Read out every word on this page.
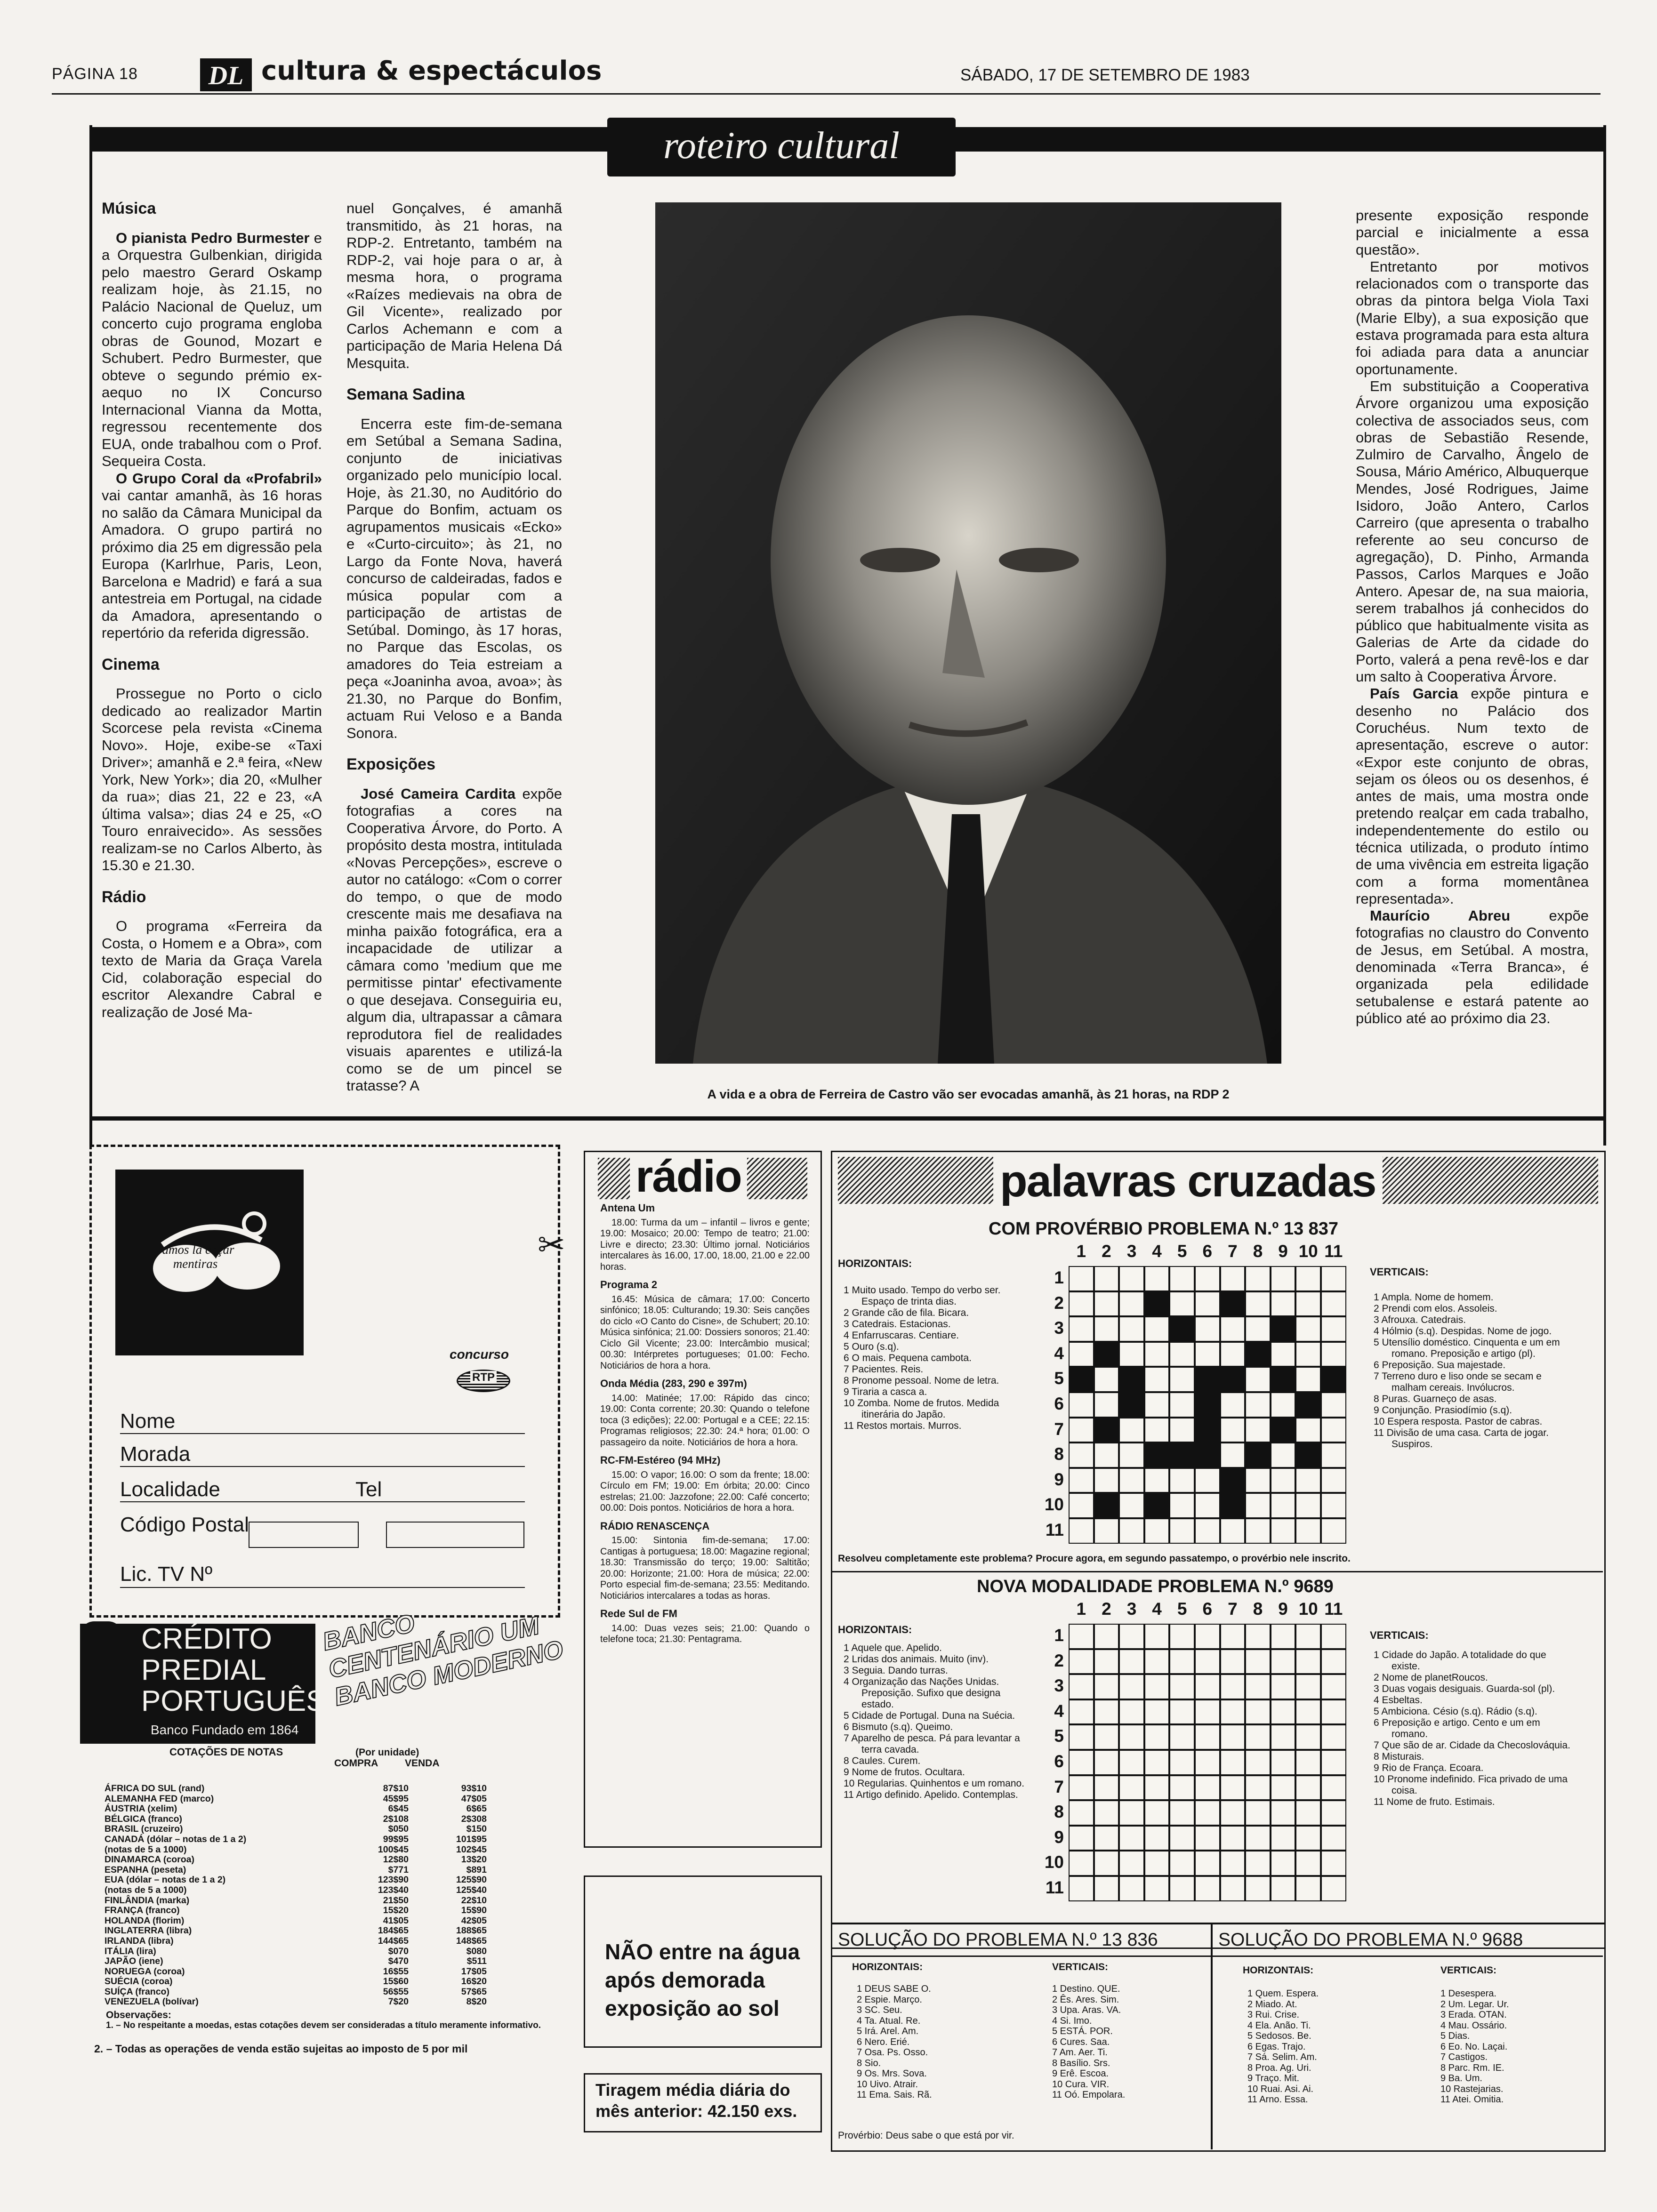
PÁGINA 18	DL cultura & espectáculos	SÁBADO, 17 DE SETEMBRO DE 1983
roteiro cultural
Música

O pianista Pedro Burmester e a Orquestra Gulbenkian, dirigida pelo maestro Gerard Oskamp realizam hoje, às 21.15, no Palácio Nacional de Queluz, um concerto cujo programa engloba obras de Gounod, Mozart e Schubert. Pedro Burmester, que obteve o segundo prémio ex-aequo no IX Concurso Internacional Vianna da Motta, regressou recentemente dos EUA, onde trabalhou com o Prof. Sequeira Costa.

O Grupo Coral da «Profabril» vai cantar amanhã, às 16 horas no salão da Câmara Municipal da Amadora. O grupo partirá no próximo dia 25 em digressão pela Europa (Karlrhue, Paris, Leon, Barcelona e Madrid) e fará a sua antestreia em Portugal, na cidade da Amadora, apresentando o repertório da referida digressão.

Cinema

Prossegue no Porto o ciclo dedicado ao realizador Martin Scorcese pela revista «Cinema Novo». Hoje, exibe-se «Taxi Driver»; amanhã e 2.ª feira, «New York, New York»; dia 20, «Mulher da rua»; dias 21, 22 e 23, «A última valsa»; dias 24 e 25, «O Touro enraivecido». As sessões realizam-se no Carlos Alberto, às 15.30 e 21.30.

Rádio

O programa «Ferreira da Costa, o Homem e a Obra», com texto de Maria da Graça Varela Cid, colaboração especial do escritor Alexandre Cabral e realização de José Ma-

nuel Gonçalves, é amanhã transmitido, às 21 horas, na RDP-2. Entretanto, também na RDP-2, vai hoje para o ar, à mesma hora, o programa «Raízes medievais na obra de Gil Vicente», realizado por Carlos Achemann e com a participação de Maria Helena Dá Mesquita.

Semana Sadina

Encerra este fim-de-semana em Setúbal a Semana Sadina, conjunto de iniciativas organizado pelo município local. Hoje, às 21.30, no Auditório do Parque do Bonfim, actuam os agrupamentos musicais «Ecko» e «Curto-circuito»; às 21, no Largo da Fonte Nova, haverá concurso de caldeiradas, fados e música popular com a participação de artistas de Setúbal. Domingo, às 17 horas, no Parque das Escolas, os amadores do Teia estreiam a peça «Joaninha avoa, avoa»; às 21.30, no Parque do Bonfim, actuam Rui Veloso e a Banda Sonora.

Exposições

José Cameira Cardita expõe fotografias a cores na Cooperativa Árvore, do Porto. A propósito desta mostra, intitulada «Novas Percepções», escreve o autor no catálogo: «Com o correr do tempo, o que de modo crescente mais me desafiava na minha paixão fotográfica, era a incapacidade de utilizar a câmara como 'medium que me permitisse pintar' efectivamente o que desejava. Conseguiria eu, algum dia, ultrapassar a câmara reprodutora fiel de realidades visuais aparentes e utilizá-la como se de um pincel se tratasse? A

A vida e a obra de Ferreira de Castro vão ser evocadas amanhã, às 21 horas, na RDP 2

presente exposição responde parcial e inicialmente a essa questão».

Entretanto por motivos relacionados com o transporte das obras da pintora belga Viola Taxi (Marie Elby), a sua exposição que estava programada para esta altura foi adiada para data a anunciar oportunamente.

Em substituição a Cooperativa Árvore organizou uma exposição colectiva de associados seus, com obras de Sebastião Resende, Zulmiro de Carvalho, Ângelo de Sousa, Mário Américo, Albuquerque Mendes, José Rodrigues, Jaime Isidoro, João Antero, Carlos Carreiro (que apresenta o trabalho referente ao seu concurso de agregação), D. Pinho, Armanda Passos, Carlos Marques e João Antero. Apesar de, na sua maioria, serem trabalhos já conhecidos do público que habitualmente visita as Galerias de Arte da cidade do Porto, valerá a pena revê-los e dar um salto à Cooperativa Árvore.

País Garcia expõe pintura e desenho no Palácio dos Coruchéus. Num texto de apresentação, escreve o autor: «Expor este conjunto de obras, sejam os óleos ou os desenhos, é antes de mais, uma mostra onde pretendo realçar em cada trabalho, independentemente do estilo ou técnica utilizada, o produto íntimo de uma vivência em estreita ligação com a forma momentânea representada».

Maurício Abreu expõe fotografias no claustro do Convento de Jesus, em Setúbal. A mostra, denominada «Terra Branca», é organizada pela edilidade setubalense e estará patente ao público até ao próximo dia 23.

vamos lá caçar mentiras
✂
concurso
RTP
Nome
Morada
Localidade	Tel
Código Postal
Lic. TV Nº
CRÉDITO
PREDIAL
PORTUGUÊS
Banco Fundado em 1864
BANCO CENTENÁRIO UM BANCO MODERNO
COTAÇÕES DE NOTAS	(Por unidade)
COMPRA	VENDA
ÁFRICA DO SUL (rand)	87$10	93$10
ALEMANHA FED (marco)	45$95	47$05
ÁUSTRIA (xelim)	6$45	6$65
BÉLGICA (franco)	2$108	2$308
BRASIL (cruzeiro)	$050	$150
CANADÁ (dólar – notas de 1 a 2)	99$95	101$95
(notas de 5 a 1000)	100$45	102$45
DINAMARCA (coroa)	12$80	13$20
ESPANHA (peseta)	$771	$891
EUA (dólar – notas de 1 a 2)	123$90	125$90
(notas de 5 a 1000)	123$40	125$40
FINLÂNDIA (marka)	21$50	22$10
FRANÇA (franco)	15$20	15$90
HOLANDA (florim)	41$05	42$05
INGLATERRA (libra)	184$65	188$65
IRLANDA (libra)	144$65	148$65
ITÁLIA (lira)	$070	$080
JAPÃO (iene)	$470	$511
NORUEGA (coroa)	16$55	17$05
SUÉCIA (coroa)	15$60	16$20
SUÍÇA (franco)	56$55	57$65
VENEZUELA (bolívar)	7$20	8$20
Observações:
1. – No respeitante a moedas, estas cotações devem ser consideradas a título meramente informativo.
2. – Todas as operações de venda estão sujeitas ao imposto de 5 por mil
rádio
Antena Um

18.00: Turma da um – infantil – livros e gente; 19.00: Mosaico; 20.00: Tempo de teatro; 21.00: Livre e directo; 23.30: Último jornal. Noticiários intercalares às 16.00, 17.00, 18.00, 21.00 e 22.00 horas.

Programa 2

16.45: Música de câmara; 17.00: Concerto sinfónico; 18.05: Culturando; 19.30: Seis canções do ciclo «O Canto do Cisne», de Schubert; 20.10: Música sinfónica; 21.00: Dossiers sonoros; 21.40: Ciclo Gil Vicente; 23.00: Intercâmbio musical; 00.30: Intérpretes portugueses; 01.00: Fecho. Noticiários de hora a hora.

Onda Média (283, 290 e 397m)

14.00: Matinée; 17.00: Rápido das cinco; 19.00: Conta corrente; 20.30: Quando o telefone toca (3 edições); 22.00: Portugal e a CEE; 22.15: Programas religiosos; 22.30: 24.ª hora; 01.00: O passageiro da noite. Noticiários de hora a hora.

RC-FM-Estéreo (94 MHz)

15.00: O vapor; 16.00: O som da frente; 18.00: Círculo em FM; 19.00: Em órbita; 20.00: Cinco estrelas; 21.00: Jazzofone; 22.00: Café concerto; 00.00: Dois pontos. Noticiários de hora a hora.

RÁDIO RENASCENÇA

15.00: Sintonia fim-de-semana; 17.00: Cantigas à portuguesa; 18.00: Magazine regional; 18.30: Transmissão do terço; 19.00: Saltitão; 20.00: Horizonte; 21.00: Hora de música; 22.00: Porto especial fim-de-semana; 23.55: Meditando. Noticiários intercalares a todas as horas.

Rede Sul de FM

14.00: Duas vezes seis; 21.00: Quando o telefone toca; 21.30: Pentagrama.

NÃO entre na água
após demorada
exposição ao sol
Tiragem média diária do
mês anterior: 42.150 exs.
palavras cruzadas
COM PROVÉRBIO PROBLEMA N.º 13 837
1 2 3 4 5 6 7 8 9 10 11
1
2
3
4
5
6
7
8
9
10
11
HORIZONTAIS:
1 Muito usado. Tempo do verbo ser. Espaço de trinta dias.
2 Grande cão de fila. Bicara.
3 Catedrais. Estacionas.
4 Enfarruscaras. Centiare.
5 Ouro (s.q).
6 O mais. Pequena cambota.
7 Pacientes. Reis.
8 Pronome pessoal. Nome de letra.
9 Tiraria a casca a.
10 Zomba. Nome de frutos. Medida itinerária do Japão.
11 Restos mortais. Murros.
VERTICAIS:
1 Ampla. Nome de homem.
2 Prendi com elos. Assoleis.
3 Afrouxa. Catedrais.
4 Hólmio (s.q). Despidas. Nome de jogo.
5 Utensílio doméstico. Cinquenta e um em romano. Preposição e artigo (pl).
6 Preposição. Sua majestade.
7 Terreno duro e liso onde se secam e malham cereais. Invólucros.
8 Puras. Guarneço de asas.
9 Conjunção. Prasiodímio (s.q).
10 Espera resposta. Pastor de cabras.
11 Divisão de uma casa. Carta de jogar. Suspiros.
Resolveu completamente este problema? Procure agora, em segundo passatempo, o provérbio nele inscrito.
NOVA MODALIDADE PROBLEMA N.º 9689
1 2 3 4 5 6 7 8 9 10 11
1
2
3
4
5
6
7
8
9
10
11
HORIZONTAIS:
1 Aquele que. Apelido.
2 Lridas dos animais. Muito (inv).
3 Seguia. Dando turras.
4 Organização das Nações Unidas. Preposição. Sufixo que designa estado.
5 Cidade de Portugal. Duna na Suécia.
6 Bismuto (s.q). Queimo.
7 Aparelho de pesca. Pá para levantar a terra cavada.
8 Caules. Curem.
9 Nome de frutos. Ocultara.
10 Regularias. Quinhentos e um romano.
11 Artigo definido. Apelido. Contemplas.
VERTICAIS:
1 Cidade do Japão. A totalidade do que existe.
2 Nome de planetRoucos.
3 Duas vogais desiguais. Guarda-sol (pl).
4 Esbeltas.
5 Ambiciona. Césio (s.q). Rádio (s.q).
6 Preposição e artigo. Cento e um em romano.
7 Que são de ar. Cidade da Checoslováquia.
8 Misturais.
9 Rio de França. Ecoara.
10 Pronome indefinido. Fica privado de uma coisa.
11 Nome de fruto. Estimais.
SOLUÇÃO DO PROBLEMA N.º 13 836
HORIZONTAIS:
1 DEUS SABE O.
2 Espie. Março.
3 SC. Seu.
4 Ta. Atual. Re.
5 Irá. Arel. Am.
6 Nero. Erié.
7 Osa. Ps. Osso.
8 Sio.
9 Os. Mrs. Sova.
10 Uivo. Atrair.
11 Ema. Sais. Rã.
VERTICAIS:
1 Destino. QUE.
2 Ês. Ares. Sim.
3 Upa. Aras. VA.
4 Si. Imo.
5 ESTÁ. POR.
6 Cures. Saa.
7 Am. Aer. Ti.
8 Basílio. Srs.
9 Erê. Escoa.
10 Cura. VIR.
11 Oó. Empolara.
Provérbio: Deus sabe o que está por vir.
SOLUÇÃO DO PROBLEMA N.º 9688
HORIZONTAIS:
1 Quem. Espera.
2 Miado. At.
3 Rui. Crise.
4 Ela. Anão. Ti.
5 Sedosos. Be.
6 Egas. Trajo.
7 Sá. Selim. Am.
8 Proa. Ag. Uri.
9 Traço. Mit.
10 Ruai. Asi. Ai.
11 Arno. Essa.
VERTICAIS:
1 Desespera.
2 Um. Legar. Ur.
3 Erada. OTAN.
4 Mau. Ossário.
5 Dias.
6 Eo. No. Laçai.
7 Castigos.
8 Parc. Rm. IE.
9 Ba. Um.
10 Rastejarias.
11 Atei. Omitia.
